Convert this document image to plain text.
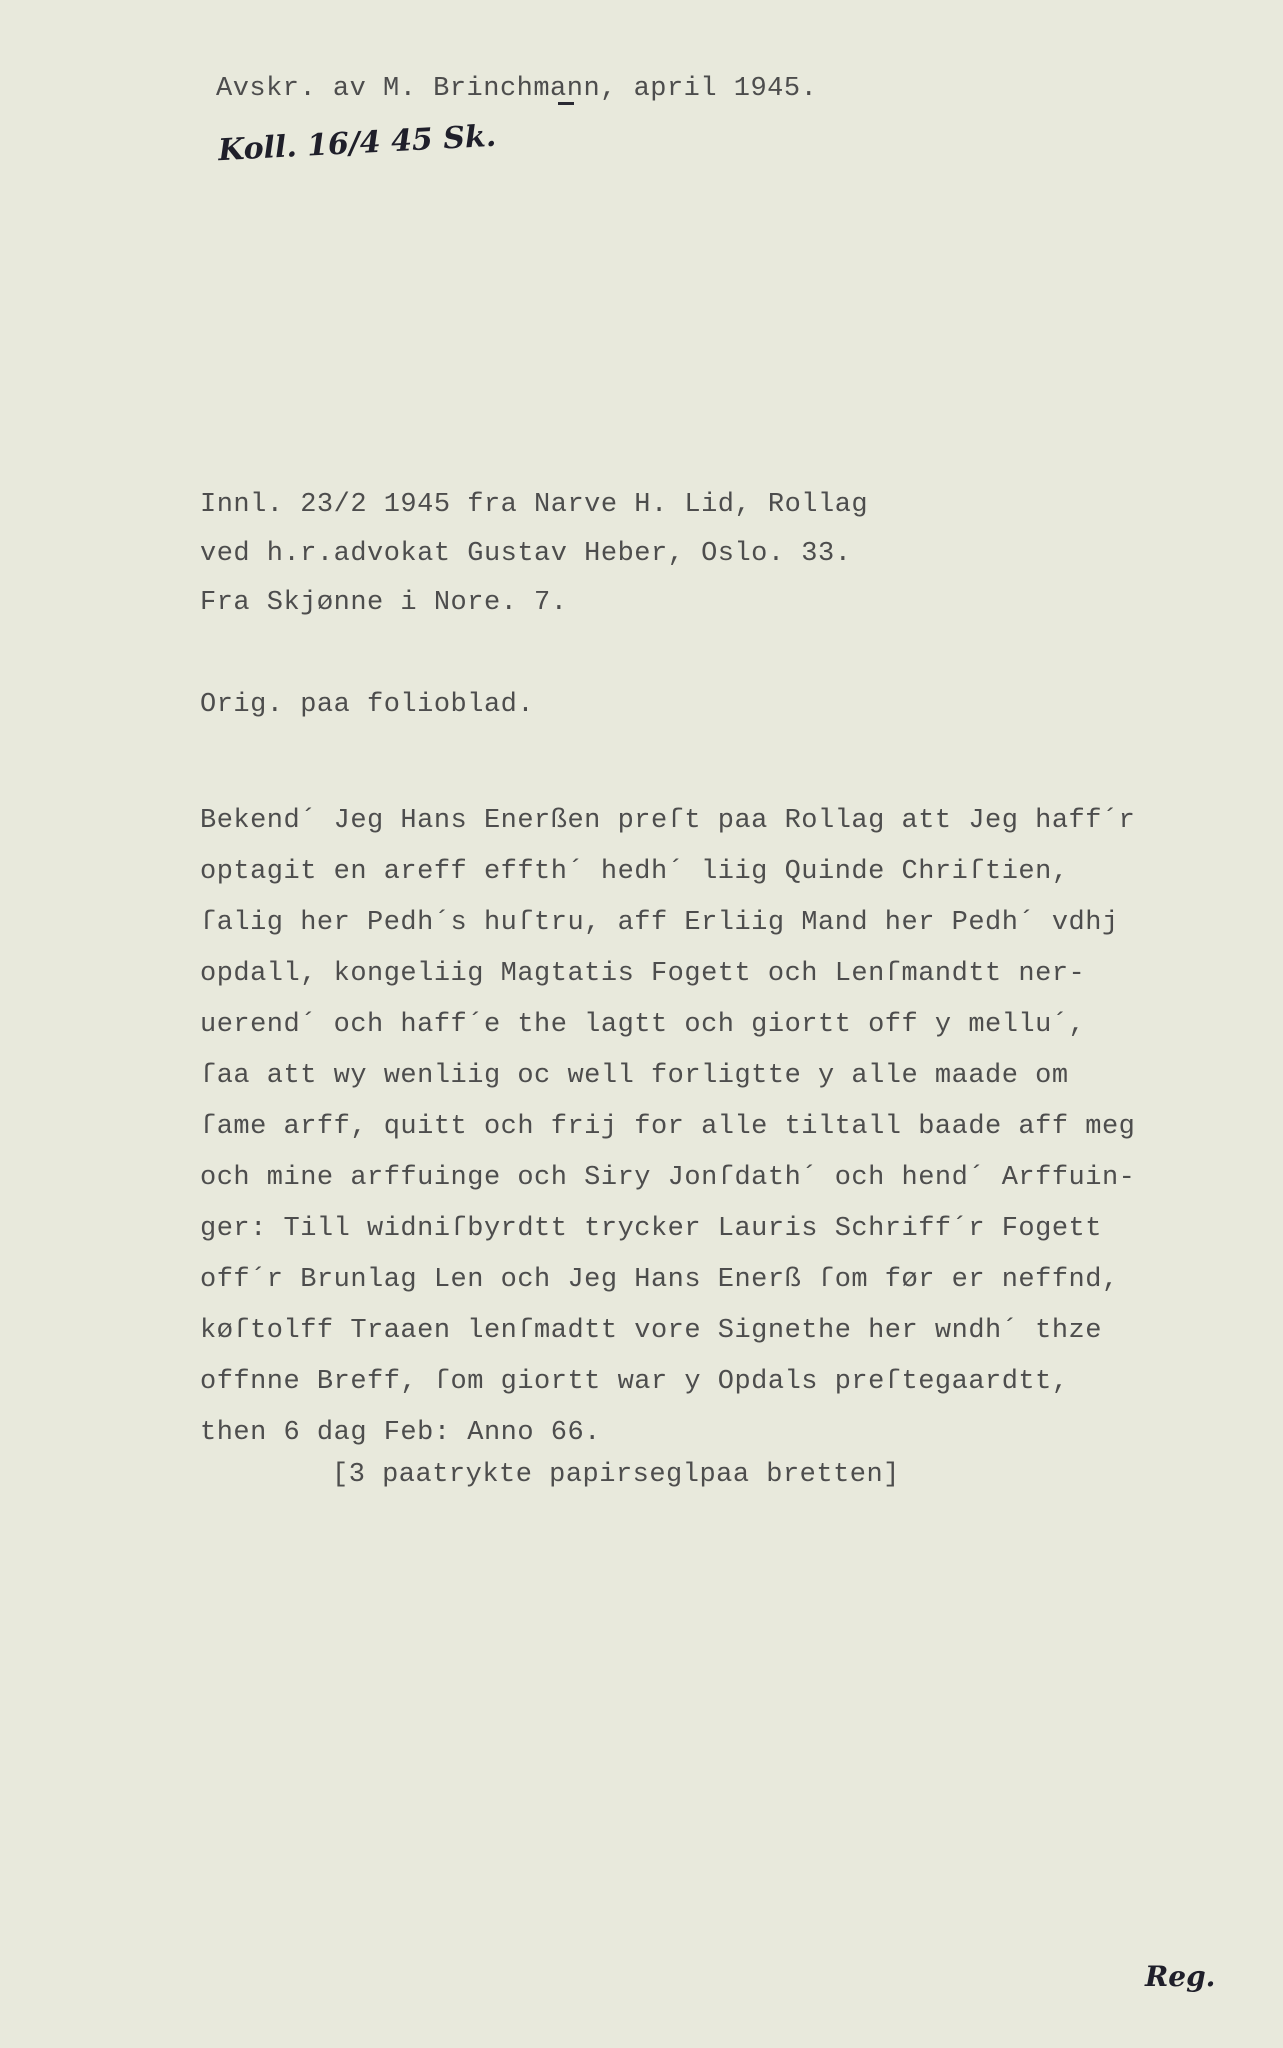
Avskr. av M. Brinchmann, april 1945.
Koll. 16/4 45 Sk.
Innl. 23/2 1945 fra Narve H. Lid, Rollag
ved h.r.advokat Gustav Heber, Oslo. 33.
Fra Skjønne i Nore. 7.
Orig. paa folioblad.
Bekend´ Jeg Hans Enerßen preſt paa Rollag att Jeg haff´r
optagit en areff effth´ hedh´ liig Quinde Chriſtien,
ſalig her Pedh´s huſtru, aff Erliig Mand her Pedh´ vdhj
opdall, kongeliig Magtatis Fogett och Lenſmandtt ner-
uerend´ och haff´e the lagtt och giortt off y mellu´,
ſaa att wy wenliig oc well forligtte y alle maade om
ſame arff, quitt och frij for alle tiltall baade aff meg
och mine arffuinge och Siry Jonſdath´ och hend´ Arffuin-
ger: Till widniſbyrdtt trycker Lauris Schriff´r Fogett
off´r Brunlag Len och Jeg Hans Enerß ſom før er neffnd,
køſtolff Traaen lenſmadtt vore Signethe her wndh´ thze
offnne Breff, ſom giortt war y Opdals preſtegaardtt,
then 6 dag Feb: Anno 66.
[3 paatrykte papirseglpaa bretten]
Reg.
